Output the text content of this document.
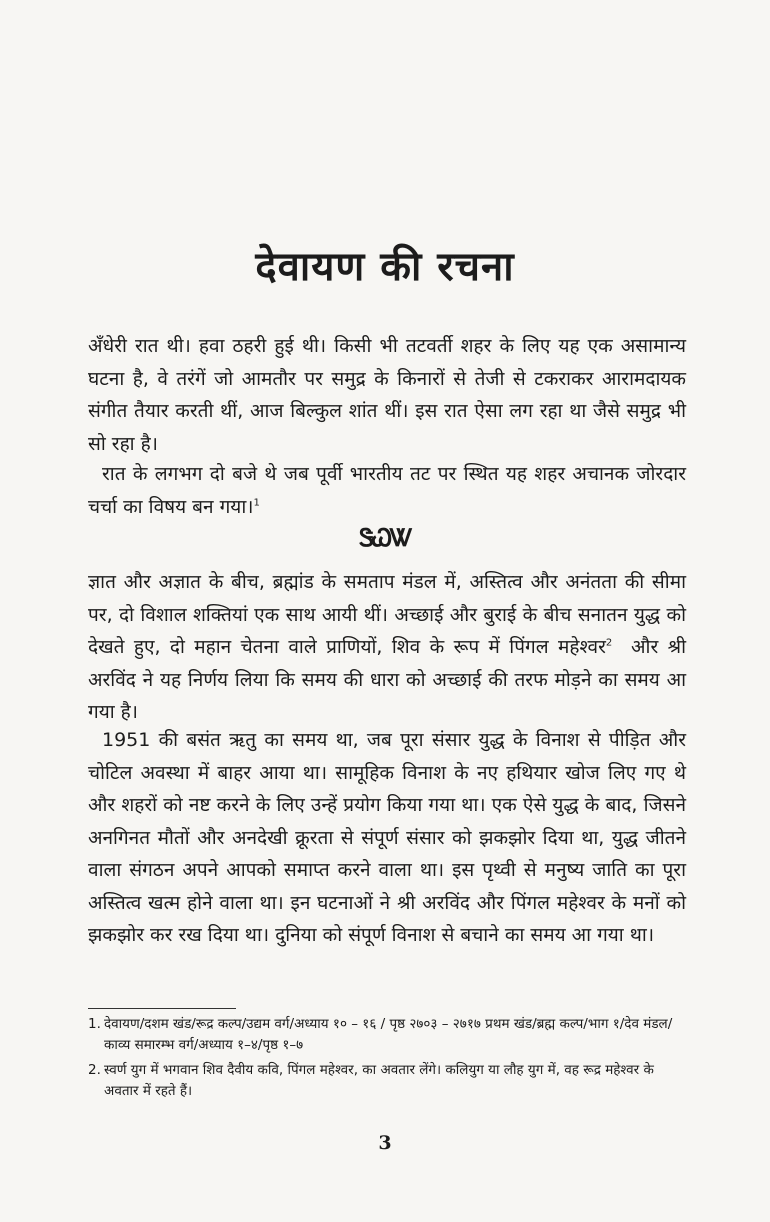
देवायण की रचना

अँधेरी रात थी। हवा ठहरी हुई थी। किसी भी तटवर्ती शहर के लिए यह एक असामान्य घटना है, वे तरंगें जो आमतौर पर समुद्र के किनारों से तेजी से टकराकर आरामदायक संगीत तैयार करती थीं, आज बिल्कुल शांत थीं। इस रात ऐसा लग रहा था जैसे समुद्र भी सो रहा है।

रात के लगभग दो बजे थे जब पूर्वी भारतीय तट पर स्थित यह शहर अचानक जोरदार चर्चा का विषय बन गया।$^1$

ᏕᏇᏔ

ज्ञात और अज्ञात के बीच, ब्रह्मांड के समताप मंडल में, अस्तित्व और अनंतता की सीमा पर, दो विशाल शक्तियां एक साथ आयी थीं। अच्छाई और बुराई के बीच सनातन युद्ध को देखते हुए, दो महान चेतना वाले प्राणियों, शिव के रूप में पिंगल महेश्वर$^2$ और श्री अरविंद ने यह निर्णय लिया कि समय की धारा को अच्छाई की तरफ मोड़ने का समय आ गया है।

1951 की बसंत ऋतु का समय था, जब पूरा संसार युद्ध के विनाश से पीड़ित और चोटिल अवस्था में बाहर आया था। सामूहिक विनाश के नए हथियार खोज लिए गए थे और शहरों को नष्ट करने के लिए उन्हें प्रयोग किया गया था। एक ऐसे युद्ध के बाद, जिसने अनगिनत मौतों और अनदेखी क्रूरता से संपूर्ण संसार को झकझोर दिया था, युद्ध जीतने वाला संगठन अपने आपको समाप्त करने वाला था। इस पृथ्वी से मनुष्य जाति का पूरा अस्तित्व खत्म होने वाला था। इन घटनाओं ने श्री अरविंद और पिंगल महेश्वर के मनों को झकझोर कर रख दिया था। दुनिया को संपूर्ण विनाश से बचाने का समय आ गया था।

1. देवायण/दशम खंड/रूद्र कल्प/उद्यम वर्ग/अध्याय १० – १६ / पृष्ठ २७०३ – २७१७ प्रथम खंड/ब्रह्म कल्प/भाग १/देव मंडल/काव्य समारम्भ वर्ग/अध्याय १–४/पृष्ठ १–७
2. स्वर्ण युग में भगवान शिव दैवीय कवि, पिंगल महेश्वर, का अवतार लेंगे। कलियुग या लौह युग में, वह रूद्र महेश्वर के अवतार में रहते हैं।
3
